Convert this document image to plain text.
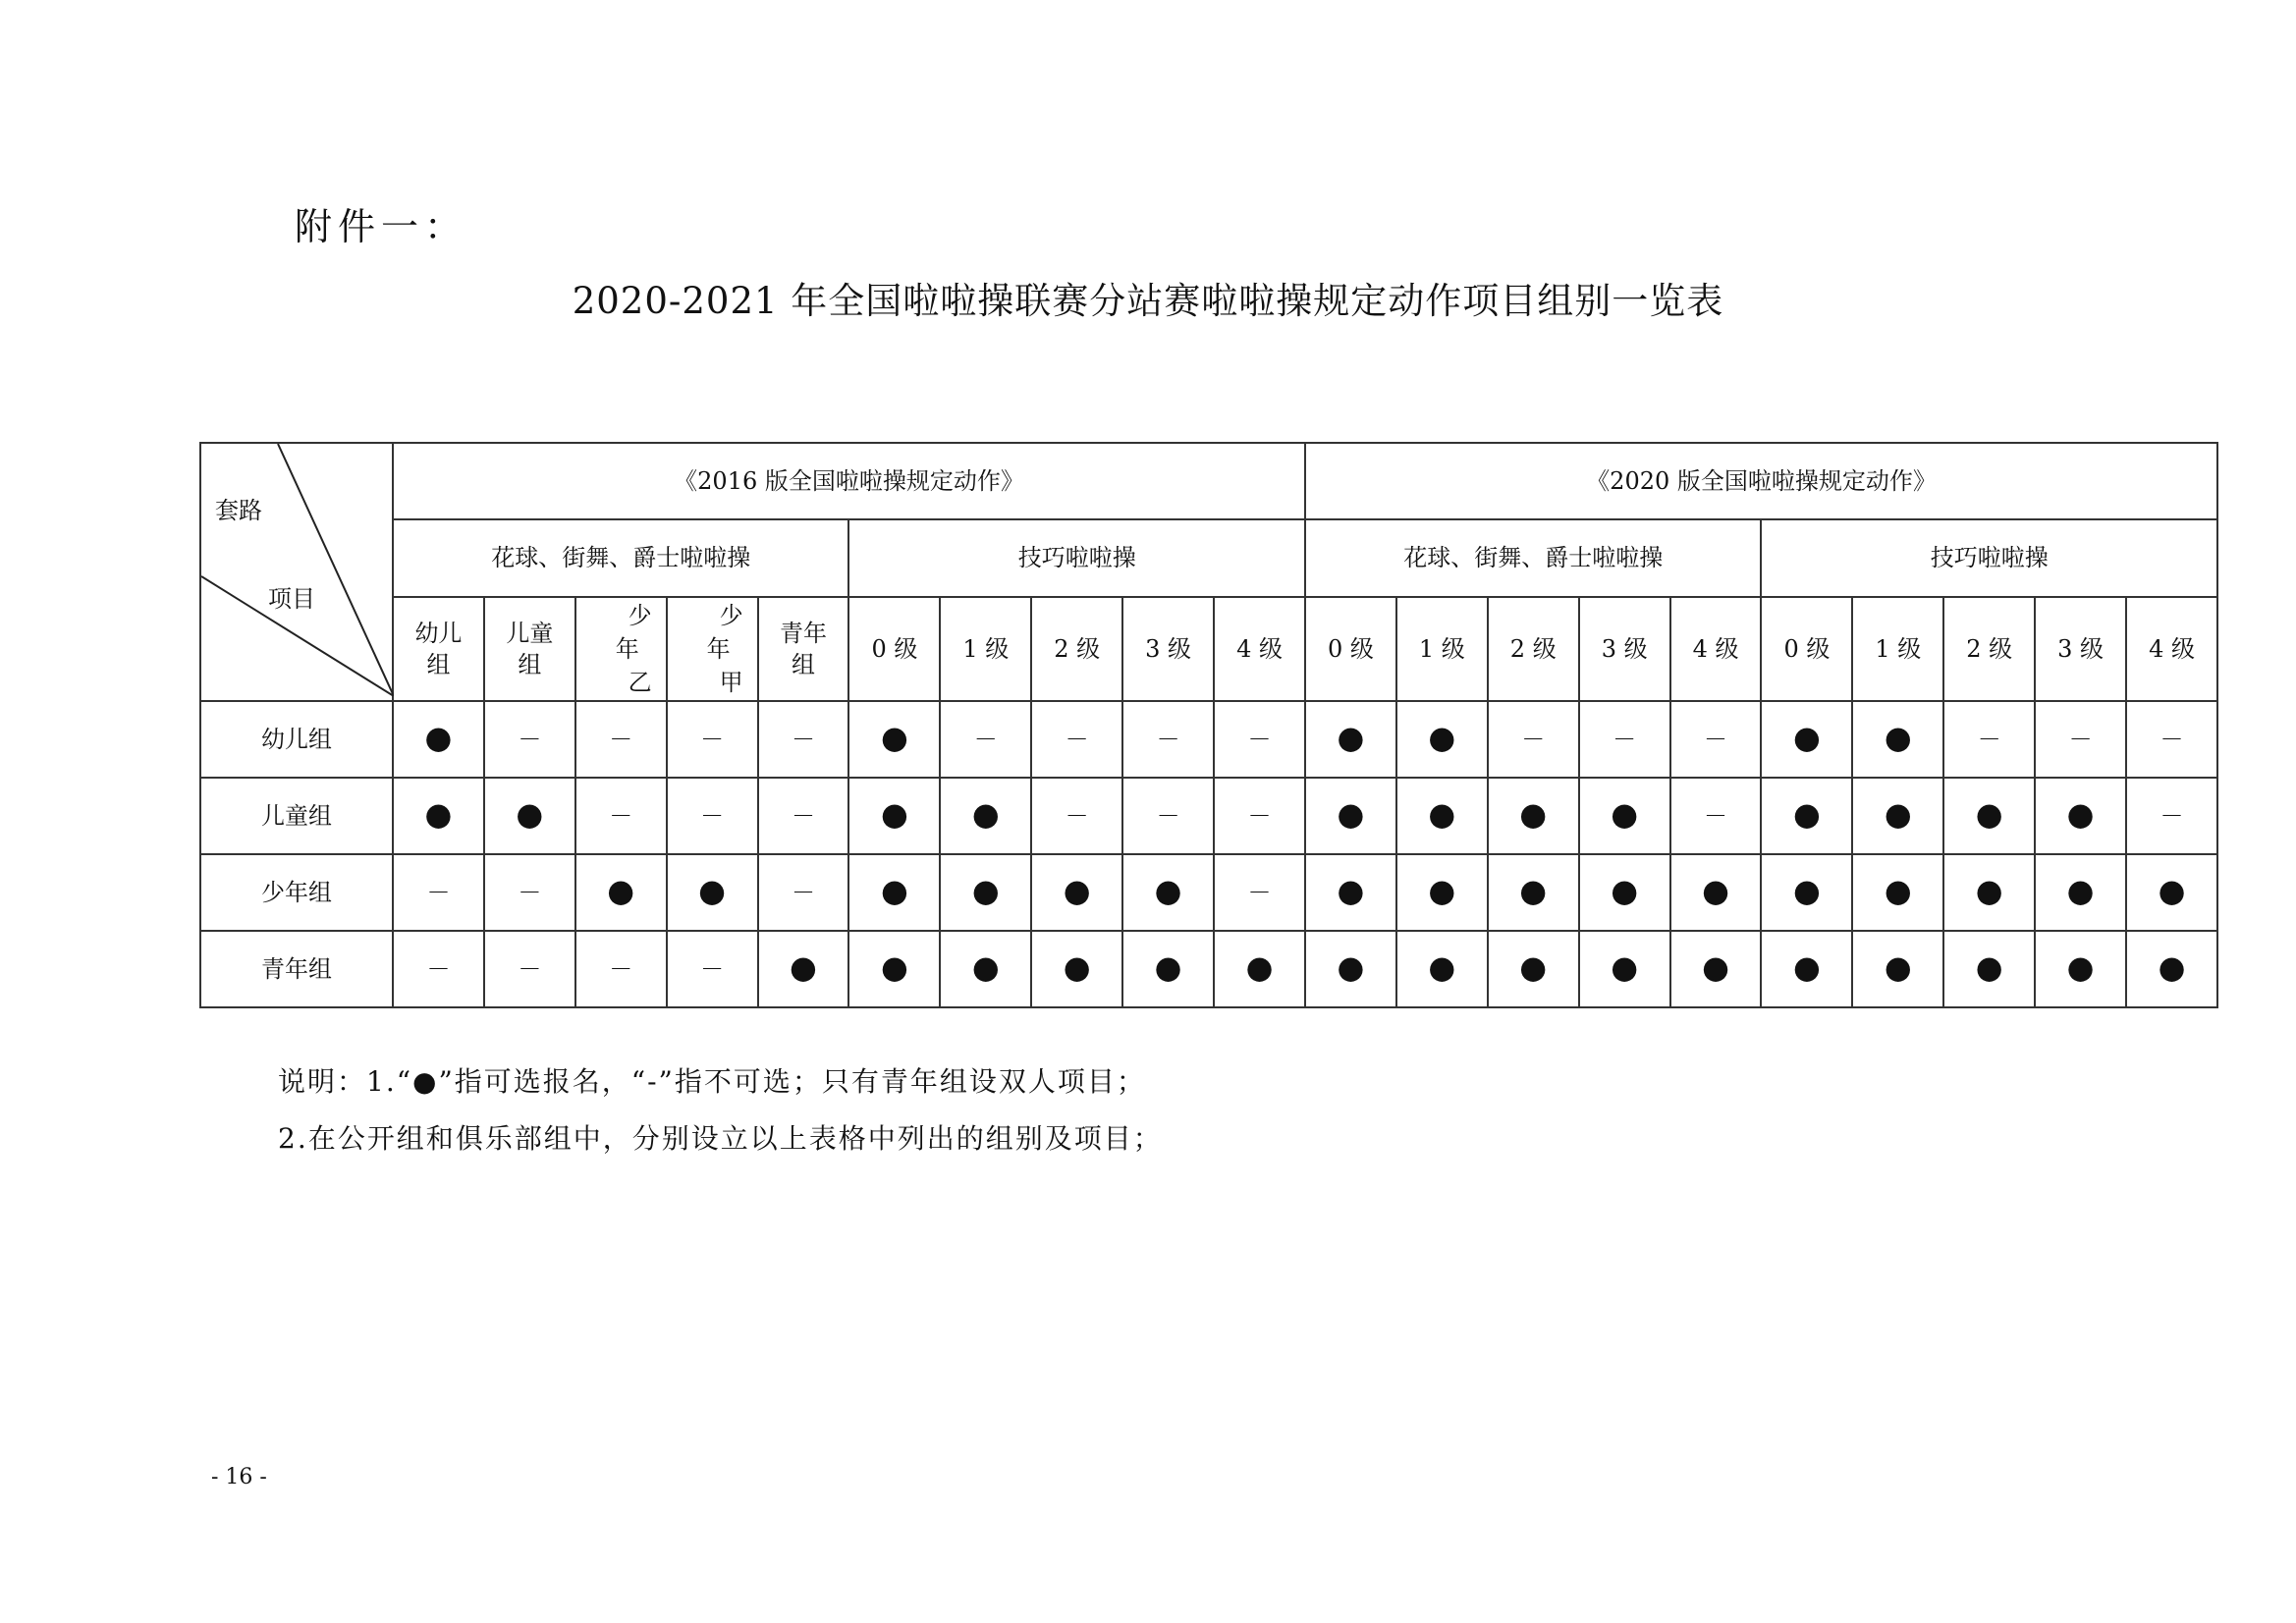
附件一：
2020-2021 年全国啦啦操联赛分站赛啦啦操规定动作项目组别一览表
套路
项目	《2016 版全国啦啦操规定动作》										《2020 版全国啦啦操规定动作》									
	花球、街舞、爵士啦啦操					技巧啦啦操					花球、街舞、爵士啦啦操					技巧啦啦操				
	幼儿
组	儿童
组	少
年
乙	少
年
甲	青年
组	0 级	1 级	2 级	3 级	4 级	0 级	1 级	2 级	3 级	4 级	0 级	1 级	2 级	3 级	4 级
幼儿组	●	－	－	－	－	●	－	－	－	－	●	●	－	－	－	●	●	－	－	－
儿童组	●	●	－	－	－	●	●	－	－	－	●	●	●	●	－	●	●	●	●	－
少年组	－	－	●	●	－	●	●	●	●	－	●	●	●	●	●	●	●	●	●	●
青年组	－	－	－	－	●	●	●	●	●	●	●	●	●	●	●	●	●	●	●	●
说明：1.“●”指可选报名，“-”指不可选；只有青年组设双人项目；
2.在公开组和俱乐部组中，分别设立以上表格中列出的组别及项目；
- 16 -
